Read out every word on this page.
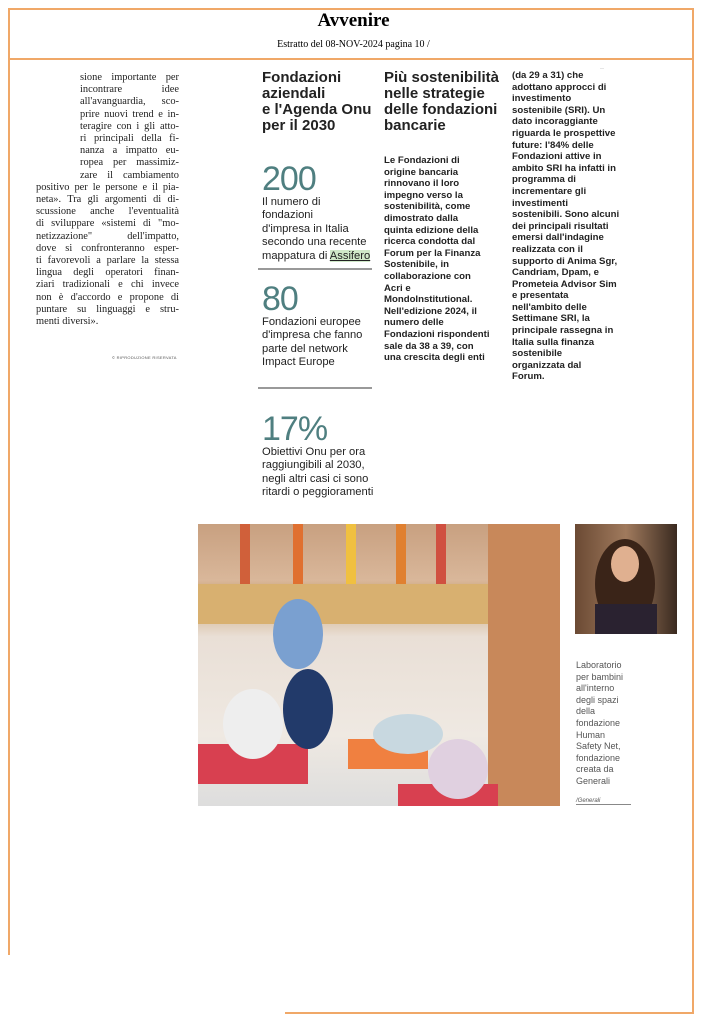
Avvenire
Estratto del 08-NOV-2024 pagina 10 /
sione importante per
incontrare idee
all'avanguardia, sco-
prire nuovi trend e in-
teragire con i gli atto-
ri principali della fi-
nanza a impatto eu-
ropea per massimiz-
zare il cambiamento
positivo per le persone e il pia-
neta». Tra gli argomenti di di-
scussione anche l'eventualità
di sviluppare «sistemi di "mo-
netizzazione" dell'impatto,
dove si confronteranno esper-
ti favorevoli a parlare la stessa
lingua degli operatori finan-
ziari tradizionali e chi invece
non è d'accordo e propone di
puntare su linguaggi e stru-
menti diversi».
© RIPRODUZIONE RISERVATA
Fondazioni
aziendali
e l'Agenda Onu
per il 2030
200
Il numero di fondazioni
d'impresa in Italia
secondo una recente
mappatura di Assifero
80
Fondazioni europee
d'impresa che fanno
parte del network
Impact Europe
17%
Obiettivi Onu per ora
raggiungibili al 2030,
negli altri casi ci sono
ritardi o peggioramenti
Più sostenibilità
nelle strategie
delle fondazioni
bancarie
Le Fondazioni di
origine bancaria
rinnovano il loro
impegno verso la
sostenibilità, come
dimostrato dalla
quinta edizione della
ricerca condotta dal
Forum per la Finanza
Sostenibile, in
collaborazione con
Acri e
MondoInstitutional.
Nell'edizione 2024, il
numero delle
Fondazioni rispondenti
sale da 38 a 39, con
una crescita degli enti
(da 29 a 31) che
adottano approcci di
investimento
sostenibile (SRI). Un
dato incoraggiante
riguarda le prospettive
future: l'84% delle
Fondazioni attive in
ambito SRI ha infatti in
programma di
incrementare gli
investimenti
sostenibili. Sono alcuni
dei principali risultati
emersi dall'indagine
realizzata con il
supporto di Anima Sgr,
Candriam, Dpam, e
Prometeia Advisor Sim
e presentata
nell'ambito delle
Settimane SRI, la
principale rassegna in
Italia sulla finanza
sostenibile
organizzata dal
Forum.
··
Laboratorio
per bambini
all'interno
degli spazi
della
fondazione
Human
Safety Net,
fondazione
creata da
Generali
/Generali
